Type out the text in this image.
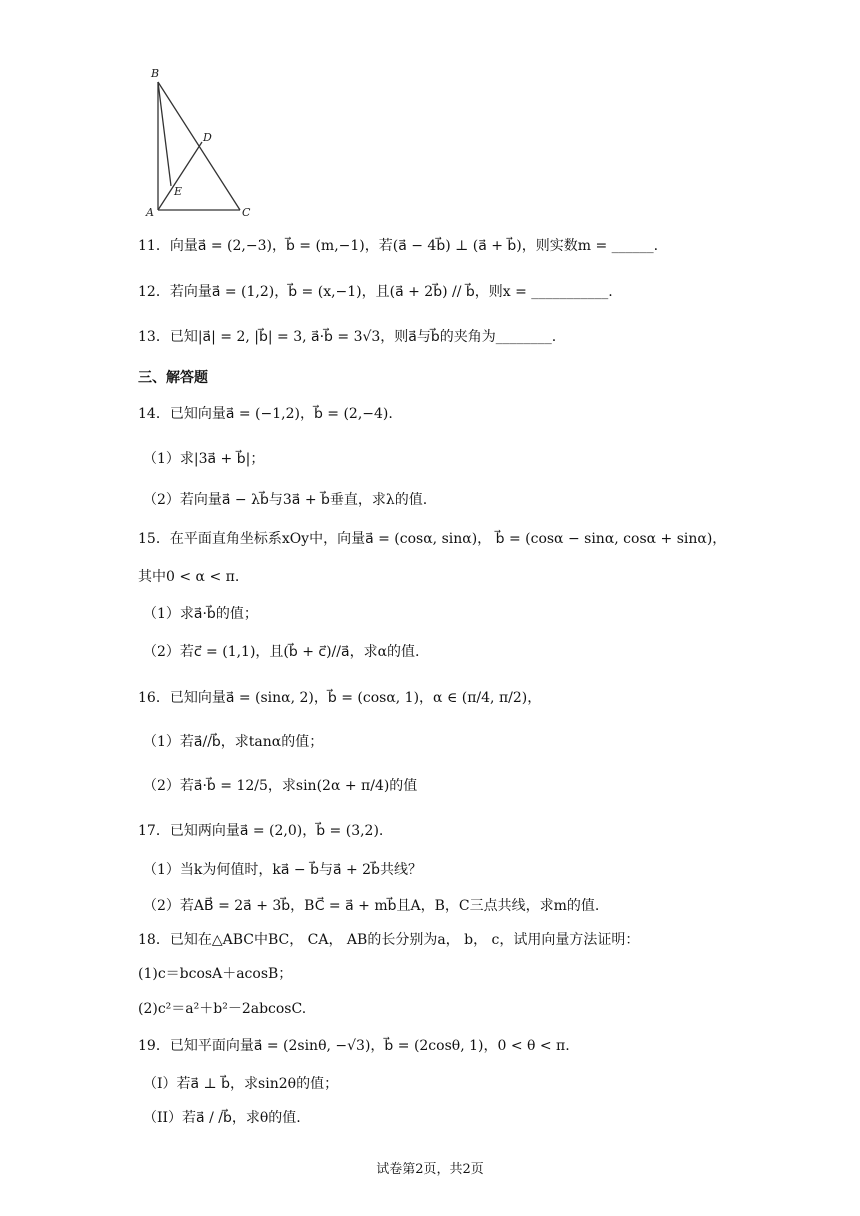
B
D
E
A	C
11．向量a⃗ = (2,−3)，b⃗ = (m,−1)，若(a⃗ − 4b⃗) ⊥ (a⃗ + b⃗)，则实数m = ______.
12．若向量a⃗ = (1,2)，b⃗ = (x,−1)，且(a⃗ + 2b⃗) // b⃗，则x = ___________.
13．已知|a⃗| = 2, |b⃗| = 3, a⃗·b⃗ = 3√3，则a⃗与b⃗的夹角为________.
三、解答题
14．已知向量a⃗ = (−1,2)，b⃗ = (2,−4).
（1）求|3a⃗ + b⃗|；
（2）若向量a⃗ − λb⃗与3a⃗ + b⃗垂直，求λ的值.
15．在平面直角坐标系xOy中，向量a⃗ = (cosα, sinα)， b⃗ = (cosα − sinα, cosα + sinα)，
其中0 < α < π.
（1）求a⃗·b⃗的值；
（2）若c⃗ = (1,1)，且(b⃗ + c⃗)//a⃗，求α的值.
16．已知向量a⃗ = (sinα, 2)，b⃗ = (cosα, 1)，α ∈ (π/4, π/2)，
（1）若a⃗//b⃗，求tanα的值；
（2）若a⃗·b⃗ = 12/5，求sin(2α + π/4)的值
17．已知两向量a⃗ = (2,0)，b⃗ = (3,2).
（1）当k为何值时，ka⃗ − b⃗与a⃗ + 2b⃗共线？
（2）若AB⃗ = 2a⃗ + 3b⃗，BC⃗ = a⃗ + mb⃗且A，B，C三点共线，求m的值.
18．已知在△ABC中BC， CA， AB的长分别为a， b， c，试用向量方法证明：
(1)c＝bcosA＋acosB；
(2)c²＝a²＋b²－2abcosC.
19．已知平面向量a⃗ = (2sinθ, −√3)，b⃗ = (2cosθ, 1)，0 < θ < π.
（I）若a⃗ ⊥ b⃗，求sin2θ的值；
（II）若a⃗ / /b⃗，求θ的值.
试卷第2页，共2页
